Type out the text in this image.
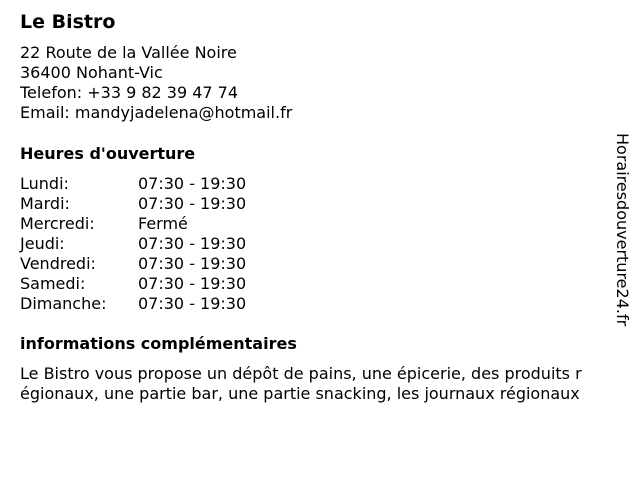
Le Bistro
22 Route de la Vallée Noire
36400 Nohant-Vic
Telefon: +33 9 82 39 47 74
Email: mandyjadelena@hotmail.fr
Heures d'ouverture
Lundi:	07:30 - 19:30
Mardi:	07:30 - 19:30
Mercredi:	Fermé
Jeudi:	07:30 - 19:30
Vendredi:	07:30 - 19:30
Samedi:	07:30 - 19:30
Dimanche:	07:30 - 19:30
informations complémentaires
Le Bistro vous propose un dépôt de pains, une épicerie, des produits r
égionaux, une partie bar, une partie snacking, les journaux régionaux
Horairesdouverture24.fr
